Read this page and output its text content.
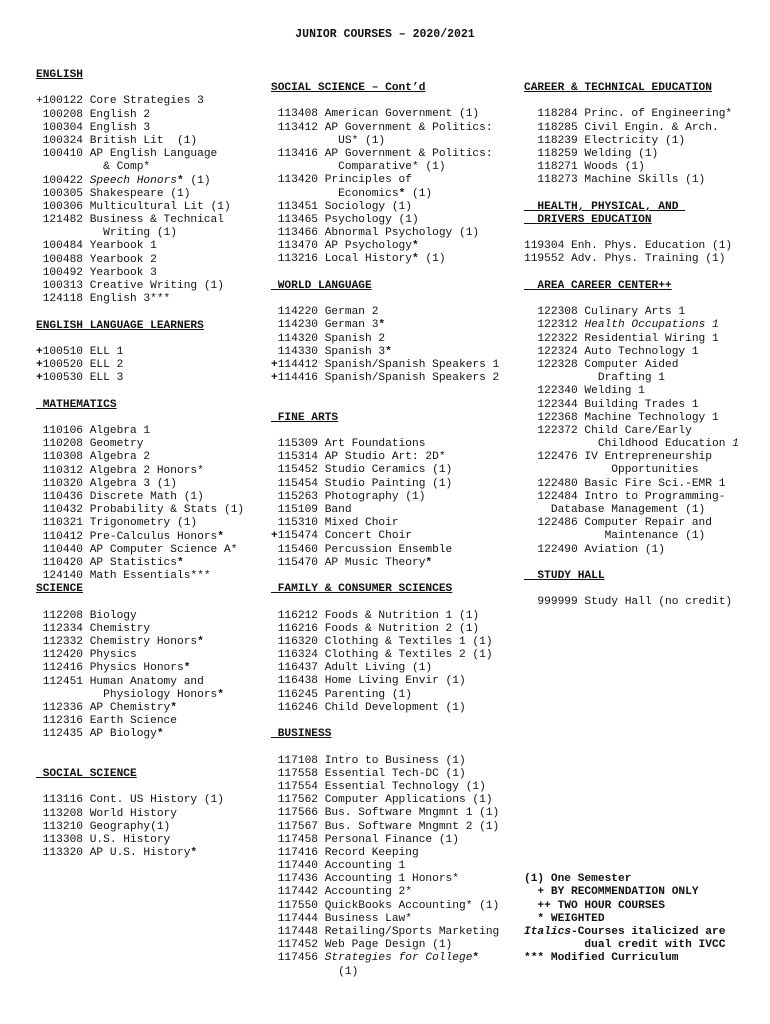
JUNIOR COURSES – 2020/2021
ENGLISH

+100122 Core Strategies 3
100208 English 2
100304 English 3
100324 British Lit  (1)
100410 AP English Language
& Comp*
100422 Speech Honors* (1)
100305 Shakespeare (1)
100306 Multicultural Lit (1)
121482 Business & Technical
Writing (1)
100484 Yearbook 1
100488 Yearbook 2
100492 Yearbook 3
100313 Creative Writing (1)
124118 English 3***

ENGLISH LANGUAGE LEARNERS

+100510 ELL 1
+100520 ELL 2
+100530 ELL 3

MATHEMATICS

110106 Algebra 1
110208 Geometry
110308 Algebra 2
110312 Algebra 2 Honors*
110320 Algebra 3 (1)
110436 Discrete Math (1)
110432 Probability & Stats (1)
110321 Trigonometry (1)
110412 Pre-Calculus Honors*
110440 AP Computer Science A*
110420 AP Statistics*
124140 Math Essentials***
SCIENCE

112208 Biology
112334 Chemistry
112332 Chemistry Honors*
112420 Physics
112416 Physics Honors*
112451 Human Anatomy and
Physiology Honors*
112336 AP Chemistry*
112316 Earth Science
112435 AP Biology*

SOCIAL SCIENCE

113116 Cont. US History (1)
113208 World History
113210 Geography(1)
113308 U.S. History
113320 AP U.S. History*
SOCIAL SCIENCE – Cont’d

113408 American Government (1)
113412 AP Government & Politics:
US* (1)
113416 AP Government & Politics:
Comparative* (1)
113420 Principles of
Economics* (1)
113451 Sociology (1)
113465 Psychology (1)
113466 Abnormal Psychology (1)
113470 AP Psychology*
113216 Local History* (1)

WORLD LANGUAGE

114220 German 2
114230 German 3*
114320 Spanish 2
114330 Spanish 3*
+114412 Spanish/Spanish Speakers 1
+114416 Spanish/Spanish Speakers 2

FINE ARTS

115309 Art Foundations
115314 AP Studio Art: 2D*
115452 Studio Ceramics (1)
115454 Studio Painting (1)
115263 Photography (1)
115109 Band
115310 Mixed Choir
+115474 Concert Choir
115460 Percussion Ensemble
115470 AP Music Theory*

FAMILY & CONSUMER SCIENCES

116212 Foods & Nutrition 1 (1)
116216 Foods & Nutrition 2 (1)
116320 Clothing & Textiles 1 (1)
116324 Clothing & Textiles 2 (1)
116437 Adult Living (1)
116438 Home Living Envir (1)
116245 Parenting (1)
116246 Child Development (1)

BUSINESS

117108 Intro to Business (1)
117558 Essential Tech-DC (1)
117554 Essential Technology (1)
117562 Computer Applications (1)
117566 Bus. Software Mngmnt 1 (1)
117567 Bus. Software Mngmnt 2 (1)
117458 Personal Finance (1)
117416 Record Keeping
117440 Accounting 1
117436 Accounting 1 Honors*
117442 Accounting 2*
117550 QuickBooks Accounting* (1)
117444 Business Law*
117448 Retailing/Sports Marketing
117452 Web Page Design (1)
117456 Strategies for College*
(1)
CAREER & TECHNICAL EDUCATION

118284 Princ. of Engineering*
118285 Civil Engin. & Arch.
118239 Electricity (1)
118259 Welding (1)
118271 Woods (1)
118273 Machine Skills (1)

HEALTH, PHYSICAL, AND
DRIVERS EDUCATION

119304 Enh. Phys. Education (1)
119552 Adv. Phys. Training (1)

AREA CAREER CENTER++

122308 Culinary Arts 1
122312 Health Occupations 1
122322 Residential Wiring 1
122324 Auto Technology 1
122328 Computer Aided
Drafting 1
122340 Welding 1
122344 Building Trades 1
122368 Machine Technology 1
122372 Child Care/Early
Childhood Education 1
122476 IV Entrepreneurship
Opportunities
122480 Basic Fire Sci.-EMR 1
122484 Intro to Programming-
Database Management (1)
122486 Computer Repair and
Maintenance (1)
122490 Aviation (1)

STUDY HALL

999999 Study Hall (no credit)

(1) One Semester
+ BY RECOMMENDATION ONLY
++ TWO HOUR COURSES
* WEIGHTED
Italics-Courses italicized are
dual credit with IVCC
*** Modified Curriculum
